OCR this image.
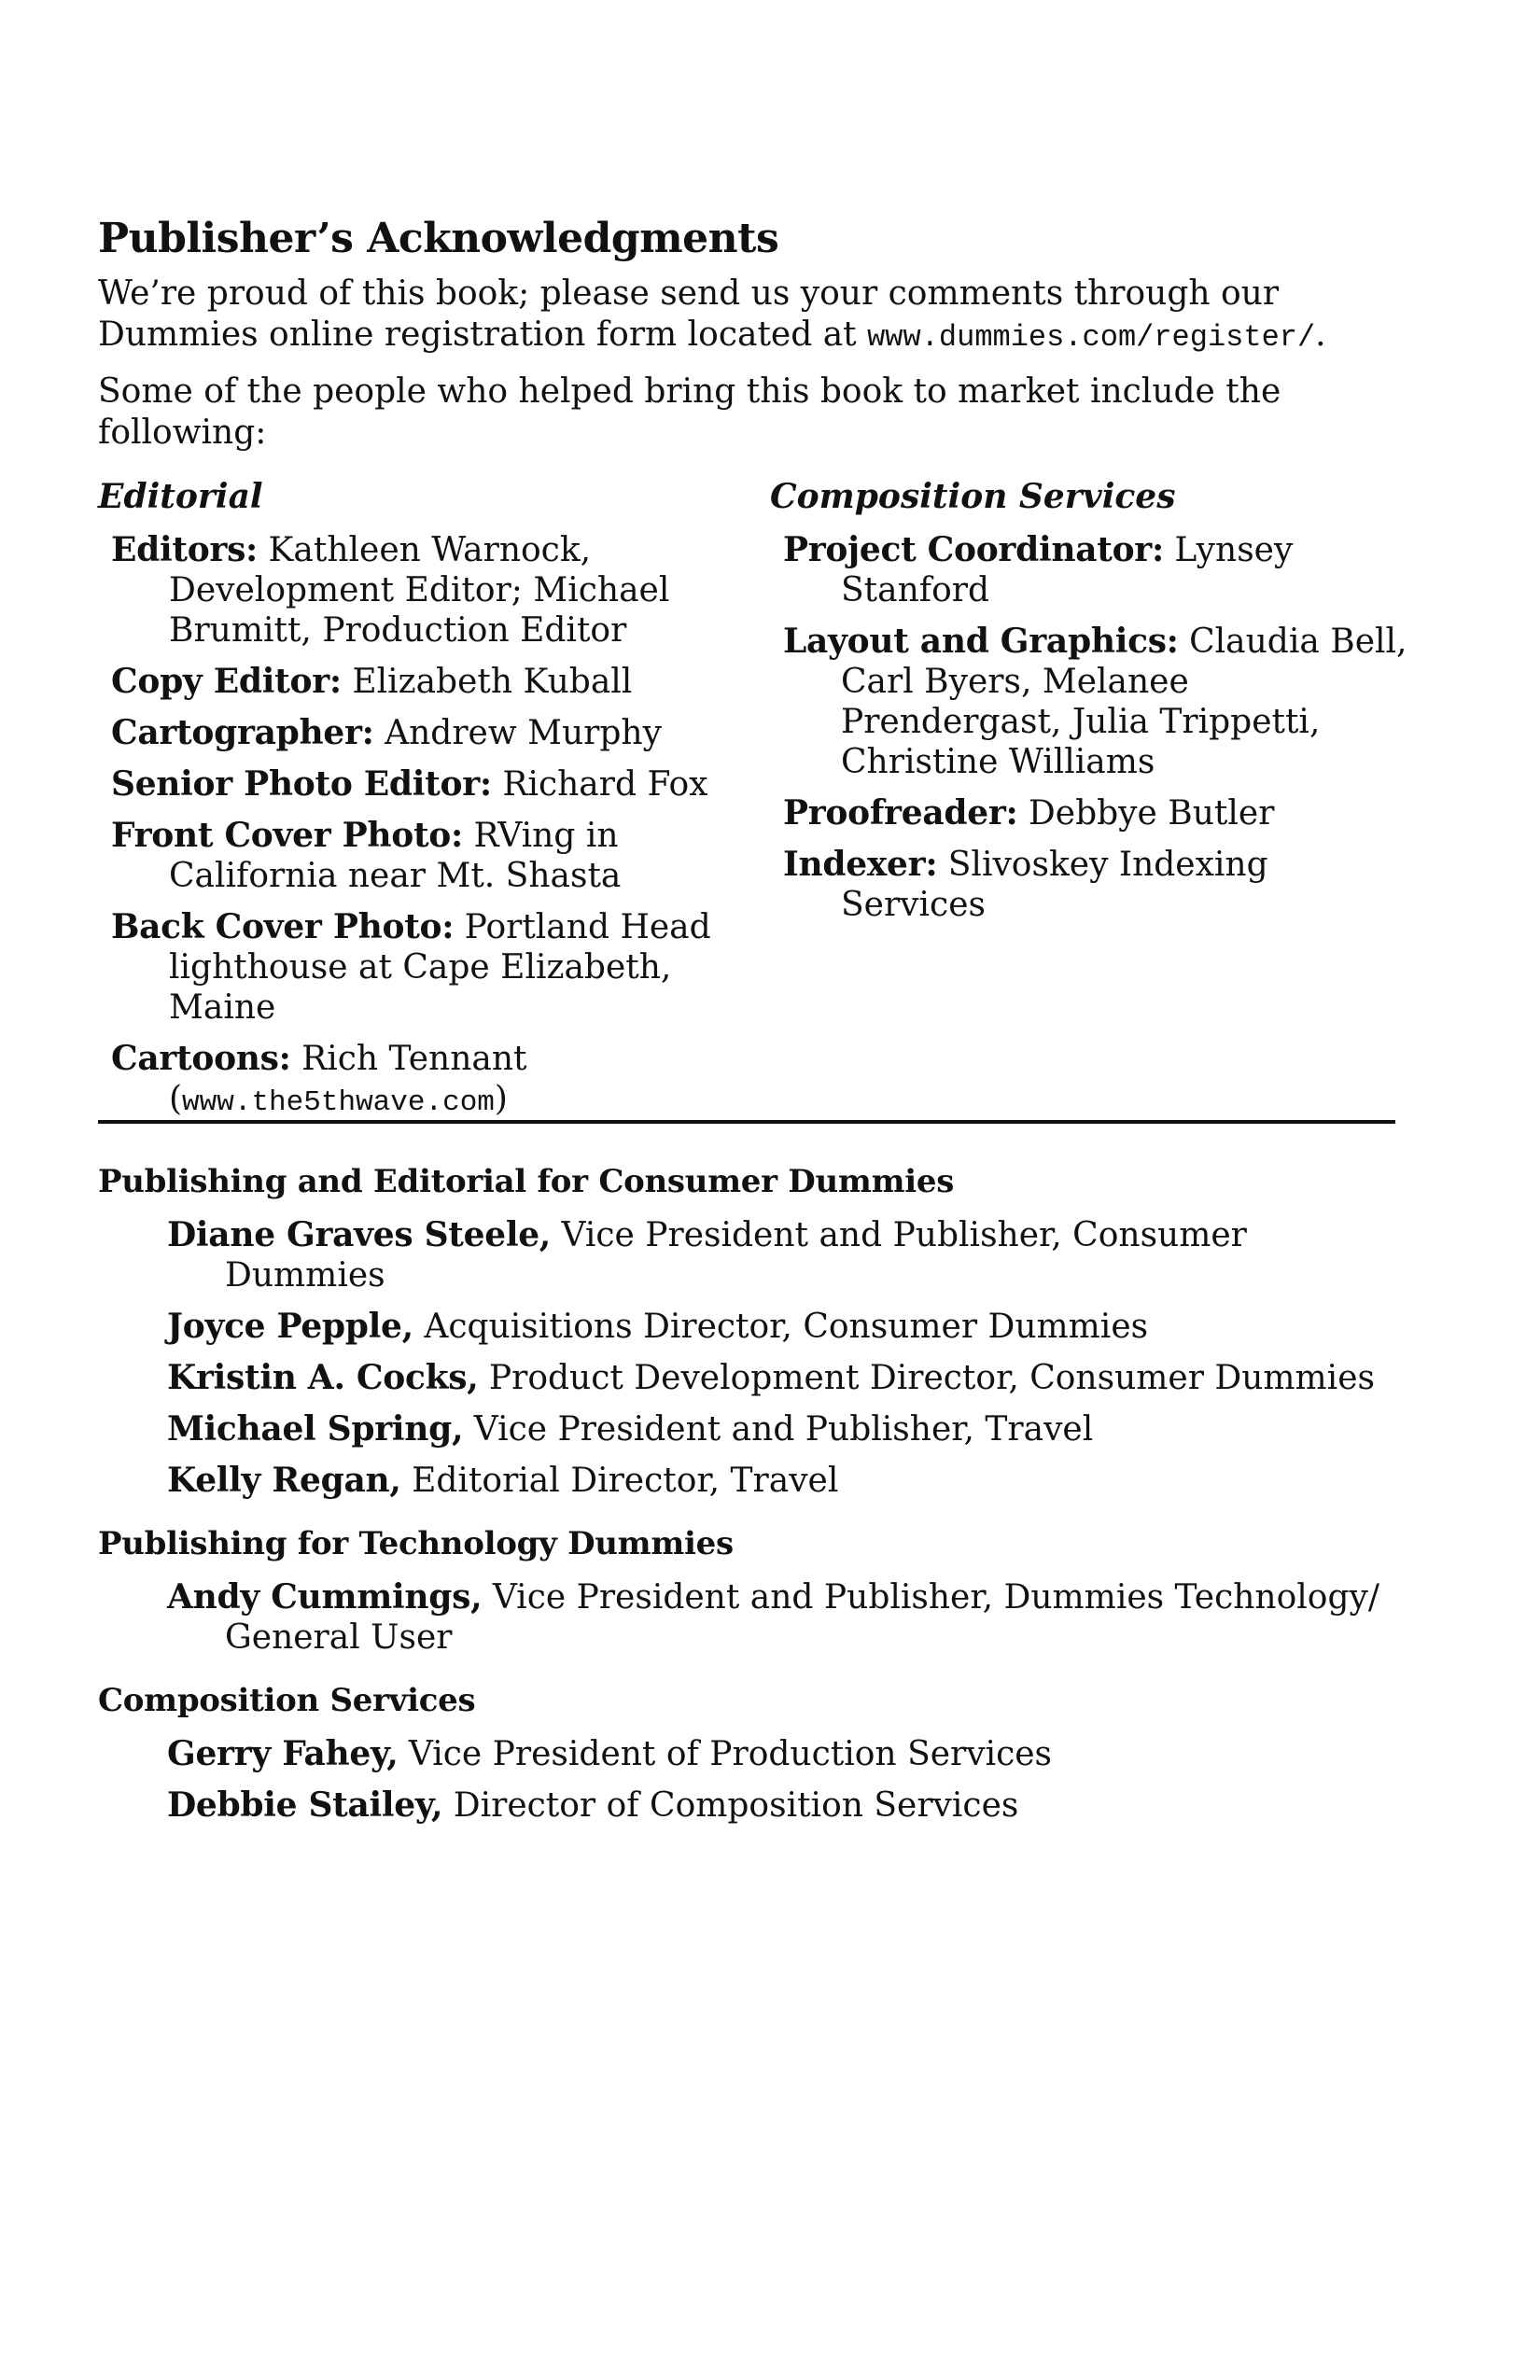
Publisher’s Acknowledgments

We’re proud of this book; please send us your comments through our Dummies online registration form located at www.dummies.com/register/.

Some of the people who helped bring this book to market include the following:

Editorial
Editors: Kathleen Warnock, Development Editor; Michael Brumitt, Production Editor
Copy Editor: Elizabeth Kuball
Cartographer: Andrew Murphy
Senior Photo Editor: Richard Fox
Front Cover Photo: RVing in California near Mt. Shasta
Back Cover Photo: Portland Head lighthouse at Cape Elizabeth, Maine
Cartoons: Rich Tennant (www.the5thwave.com)
Composition Services
Project Coordinator: Lynsey Stanford
Layout and Graphics: Claudia Bell, Carl Byers, Melanee Prendergast, Julia Trippetti, Christine Williams
Proofreader: Debbye Butler
Indexer: Slivoskey Indexing Services
Publishing and Editorial for Consumer Dummies
Diane Graves Steele, Vice President and Publisher, Consumer Dummies
Joyce Pepple, Acquisitions Director, Consumer Dummies
Kristin A. Cocks, Product Development Director, Consumer Dummies
Michael Spring, Vice President and Publisher, Travel
Kelly Regan, Editorial Director, Travel
Publishing for Technology Dummies
Andy Cummings, Vice President and Publisher, Dummies Technology/ General User
Composition Services
Gerry Fahey, Vice President of Production Services
Debbie Stailey, Director of Composition Services
